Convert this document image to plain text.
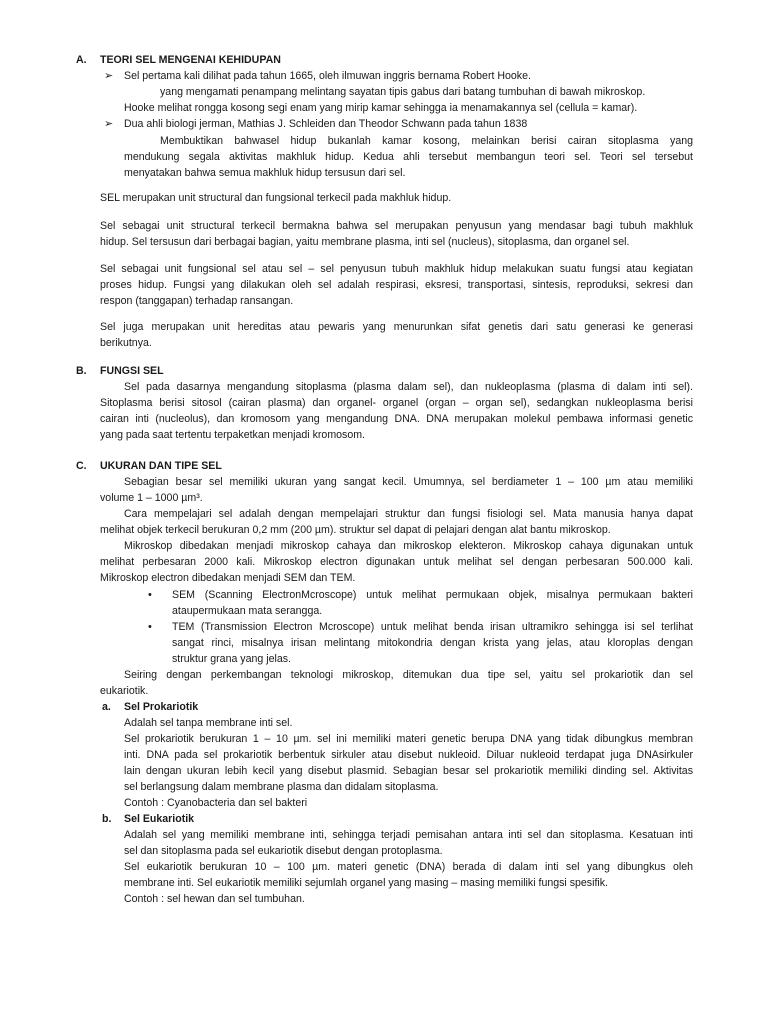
A. TEORI SEL MENGENAI KEHIDUPAN
➢ Sel pertama kali dilihat pada tahun 1665, oleh ilmuwan inggris bernama Robert Hooke.
yang mengamati penampang melintang sayatan tipis gabus dari batang tumbuhan di bawah mikroskop.
Hooke melihat rongga kosong segi enam yang mirip kamar sehingga ia menamakannya sel (cellula = kamar).
➢ Dua ahli biologi jerman, Mathias J. Schleiden dan Theodor Schwann pada tahun 1838
Membuktikan bahwasel hidup bukanlah kamar kosong, melainkan berisi cairan sitoplasma yang
mendukung segala aktivitas makhluk hidup. Kedua ahli tersebut membangun teori sel. Teori sel tersebut
menyatakan bahwa semua makhluk hidup tersusun dari sel.
SEL merupakan unit structural dan fungsional terkecil pada makhluk hidup.
Sel sebagai unit structural terkecil bermakna bahwa sel merupakan penyusun yang mendasar bagi tubuh makhluk
hidup. Sel tersusun dari berbagai bagian, yaitu membrane plasma, inti sel (nucleus), sitoplasma, dan organel sel.
Sel sebagai unit fungsional sel atau sel – sel penyusun tubuh makhluk hidup melakukan suatu fungsi atau kegiatan
proses hidup. Fungsi yang dilakukan oleh sel adalah respirasi, eksresi, transportasi, sintesis, reproduksi, sekresi dan
respon (tanggapan) terhadap ransangan.
Sel juga merupakan unit hereditas atau pewaris yang menurunkan sifat genetis dari satu generasi ke generasi
berikutnya.
B. FUNGSI SEL
Sel pada dasarnya mengandung sitoplasma (plasma dalam sel), dan nukleoplasma (plasma di dalam inti sel).
Sitoplasma berisi sitosol (cairan plasma) dan organel- organel (organ – organ sel), sedangkan nukleoplasma berisi
cairan inti (nucleolus), dan kromosom yang mengandung DNA. DNA merupakan molekul pembawa informasi genetic
yang pada saat tertentu terpaketkan menjadi kromosom.
C. UKURAN DAN TIPE SEL
Sebagian besar sel memiliki ukuran yang sangat kecil. Umumnya, sel berdiameter 1 – 100 µm atau memiliki
volume 1 – 1000 µm³.
Cara mempelajari sel adalah dengan mempelajari struktur dan fungsi fisiologi sel. Mata manusia hanya dapat
melihat objek terkecil berukuran 0,2 mm (200 µm). struktur sel dapat di pelajari dengan alat bantu mikroskop.
Mikroskop dibedakan menjadi mikroskop cahaya dan mikroskop elekteron. Mikroskop cahaya digunakan untuk
melihat perbesaran 2000 kali. Mikroskop electron digunakan untuk melihat sel dengan perbesaran 500.000 kali.
Mikroskop electron dibedakan menjadi SEM dan TEM.
• SEM (Scanning ElectronMcroscope) untuk melihat permukaan objek, misalnya permukaan bakteri
ataupermukaan mata serangga.
• TEM (Transmission Electron Mcroscope) untuk melihat benda irisan ultramikro sehingga isi sel terlihat
sangat rinci, misalnya irisan melintang mitokondria dengan krista yang jelas, atau kloroplas dengan
struktur grana yang jelas.
Seiring dengan perkembangan teknologi mikroskop, ditemukan dua tipe sel, yaitu sel prokariotik dan sel
eukariotik.
a. Sel Prokariotik
Adalah sel tanpa membrane inti sel.
Sel prokariotik berukuran 1 – 10 µm. sel ini memiliki materi genetic berupa DNA yang tidak dibungkus membran
inti. DNA pada sel prokariotik berbentuk sirkuler atau disebut nukleoid. Diluar nukleoid terdapat juga DNAsirkuler
lain dengan ukuran lebih kecil yang disebut plasmid. Sebagian besar sel prokariotik memiliki dinding sel. Aktivitas
sel berlangsung dalam membrane plasma dan didalam sitoplasma.
Contoh : Cyanobacteria dan sel bakteri
b. Sel Eukariotik
Adalah sel yang memiliki membrane inti, sehingga terjadi pemisahan antara inti sel dan sitoplasma. Kesatuan inti
sel dan sitoplasma pada sel eukariotik disebut dengan protoplasma.
Sel eukariotik berukuran 10 – 100 µm. materi genetic (DNA) berada di dalam inti sel yang dibungkus oleh
membrane inti. Sel eukariotik memiliki sejumlah organel yang masing – masing memiliki fungsi spesifik.
Contoh : sel hewan dan sel tumbuhan.
